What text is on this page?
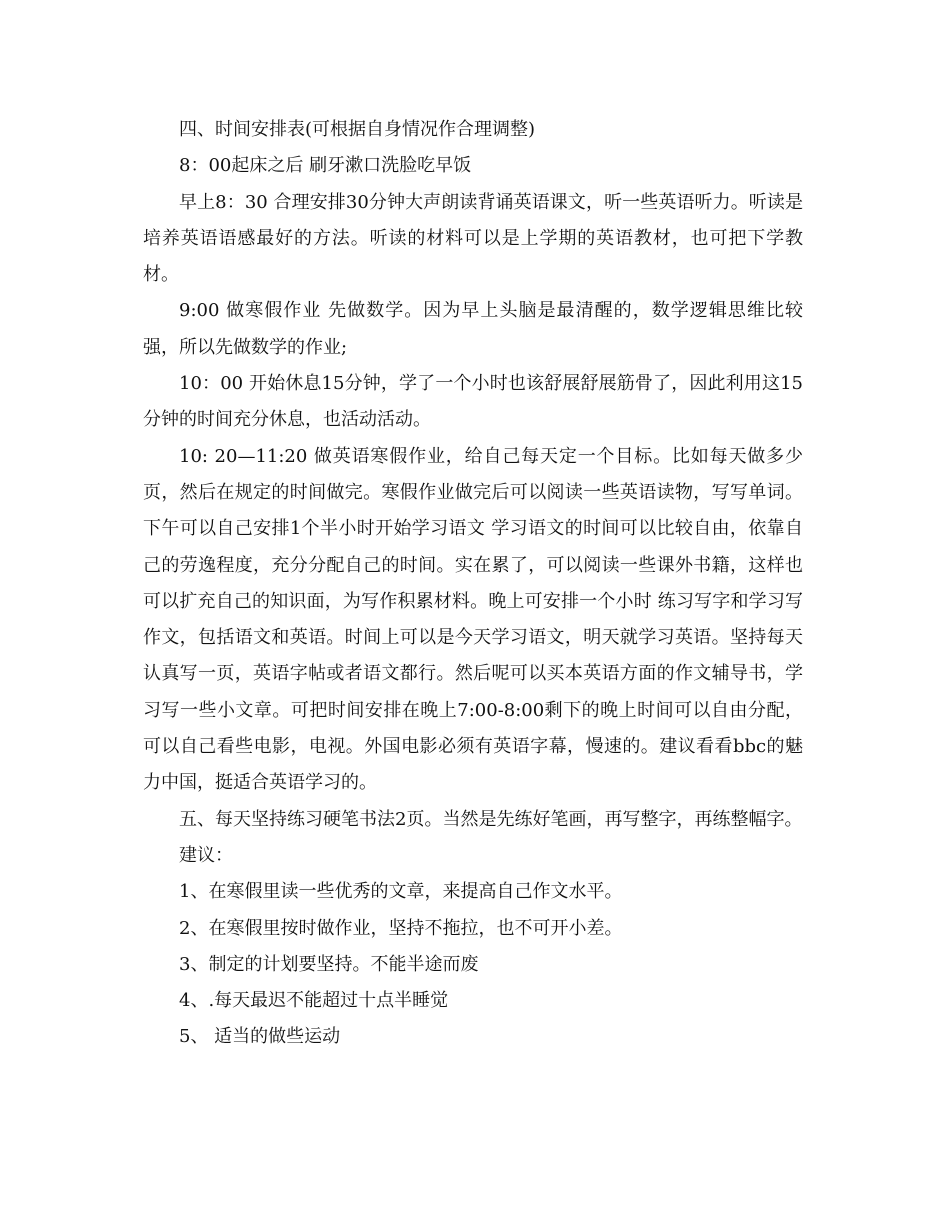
四、时间安排表(可根据自身情况作合理调整)

8：00起床之后 刷牙漱口洗脸吃早饭

早上8：30 合理安排30分钟大声朗读背诵英语课文，听一些英语听力。听读是培养英语语感最好的方法。听读的材料可以是上学期的英语教材，也可把下学教材。

9:00 做寒假作业 先做数学。因为早上头脑是最清醒的，数学逻辑思维比较强，所以先做数学的作业;

10：00 开始休息15分钟，学了一个小时也该舒展舒展筋骨了，因此利用这15分钟的时间充分休息，也活动活动。

10: 20—11:20 做英语寒假作业，给自己每天定一个目标。比如每天做多少页，然后在规定的时间做完。寒假作业做完后可以阅读一些英语读物，写写单词。 下午可以自己安排1个半小时开始学习语文 学习语文的时间可以比较自由，依靠自己的劳逸程度，充分分配自己的时间。实在累了，可以阅读一些课外书籍，这样也可以扩充自己的知识面，为写作积累材料。晚上可安排一个小时 练习写字和学习写作文，包括语文和英语。时间上可以是今天学习语文，明天就学习英语。坚持每天认真写一页，英语字帖或者语文都行。然后呢可以买本英语方面的作文辅导书，学习写一些小文章。可把时间安排在晚上7:00-8:00剩下的晚上时间可以自由分配，可以自己看些电影，电视。外国电影必须有英语字幕，慢速的。建议看看bbc的魅力中国，挺适合英语学习的。

五、每天坚持练习硬笔书法2页。当然是先练好笔画，再写整字，再练整幅字。

建议：

1、在寒假里读一些优秀的文章，来提高自己作文水平。

2、在寒假里按时做作业，坚持不拖拉，也不可开小差。

3、制定的计划要坚持。不能半途而废

4、.每天最迟不能超过十点半睡觉

5、 适当的做些运动
